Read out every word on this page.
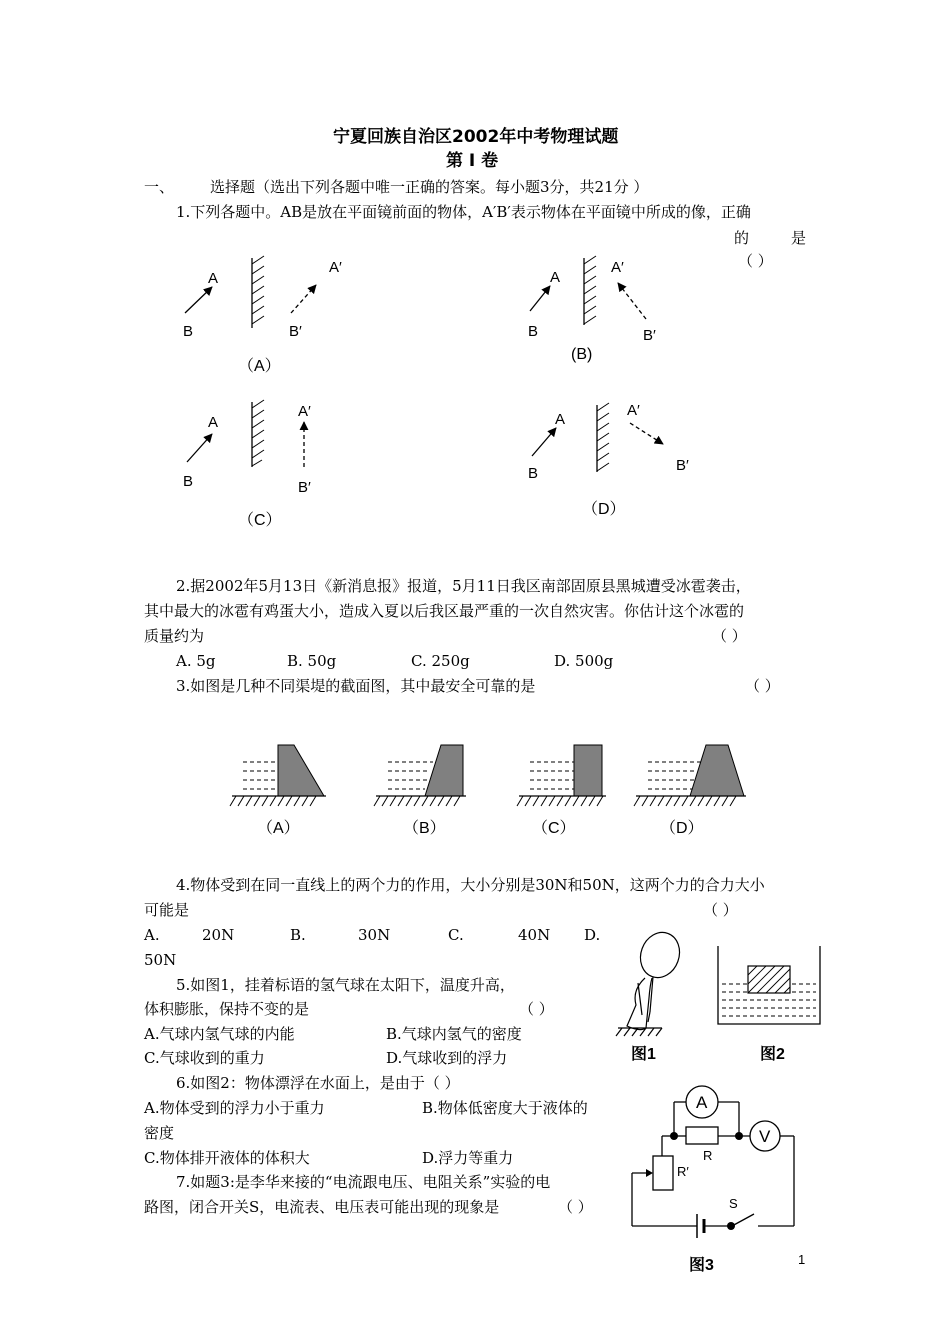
宁夏回族自治区2002年中考物理试题
第 Ⅰ 卷
一、 选择题（选出下列各题中唯一正确的答案。每小题3分，共21分 ）
1.下列各题中。AB是放在平面镜前面的物体，A′B′表示物体在平面镜中所成的像，正确
的	是
（ ）
A
B
A′
B′
A
B
A′
B′
A
B
A′
B′
A
B
A′
B′
（A）
(B)
（C）
（D）
（A）	（B）	（C）	（D）
图1	图2
A
V
R
R′
S
图3
2.据2002年5月13日《新消息报》报道，5月11日我区南部固原县黑城遭受冰雹袭击，
其中最大的冰雹有鸡蛋大小，造成入夏以后我区最严重的一次自然灾害。你估计这个冰雹的
质量约为	（ ）
A. 5g	B. 50g	C. 250g	D. 500g
3.如图是几种不同渠堤的截面图，其中最安全可靠的是	（ ）
4.物体受到在同一直线上的两个力的作用，大小分别是30N和50N，这两个力的合力大小
可能是	（ ）
A.	20N	B.	30N	C.	40N D.
50N
5.如图1，挂着标语的氢气球在太阳下，温度升高，
体积膨胀，保持不变的是	（ ）
A.气球内氢气球的内能	B.气球内氢气的密度
C.气球收到的重力	D.气球收到的浮力
6.如图2：物体漂浮在水面上，是由于（ ）
A.物体受到的浮力小于重力	B.物体低密度大于液体的
密度
C.物体排开液体的体积大	D.浮力等重力
7.如题3:是李华来接的“电流跟电压、电阻关系”实验的电
路图，闭合开关S，电流表、电压表可能出现的现象是	（ ）
1
